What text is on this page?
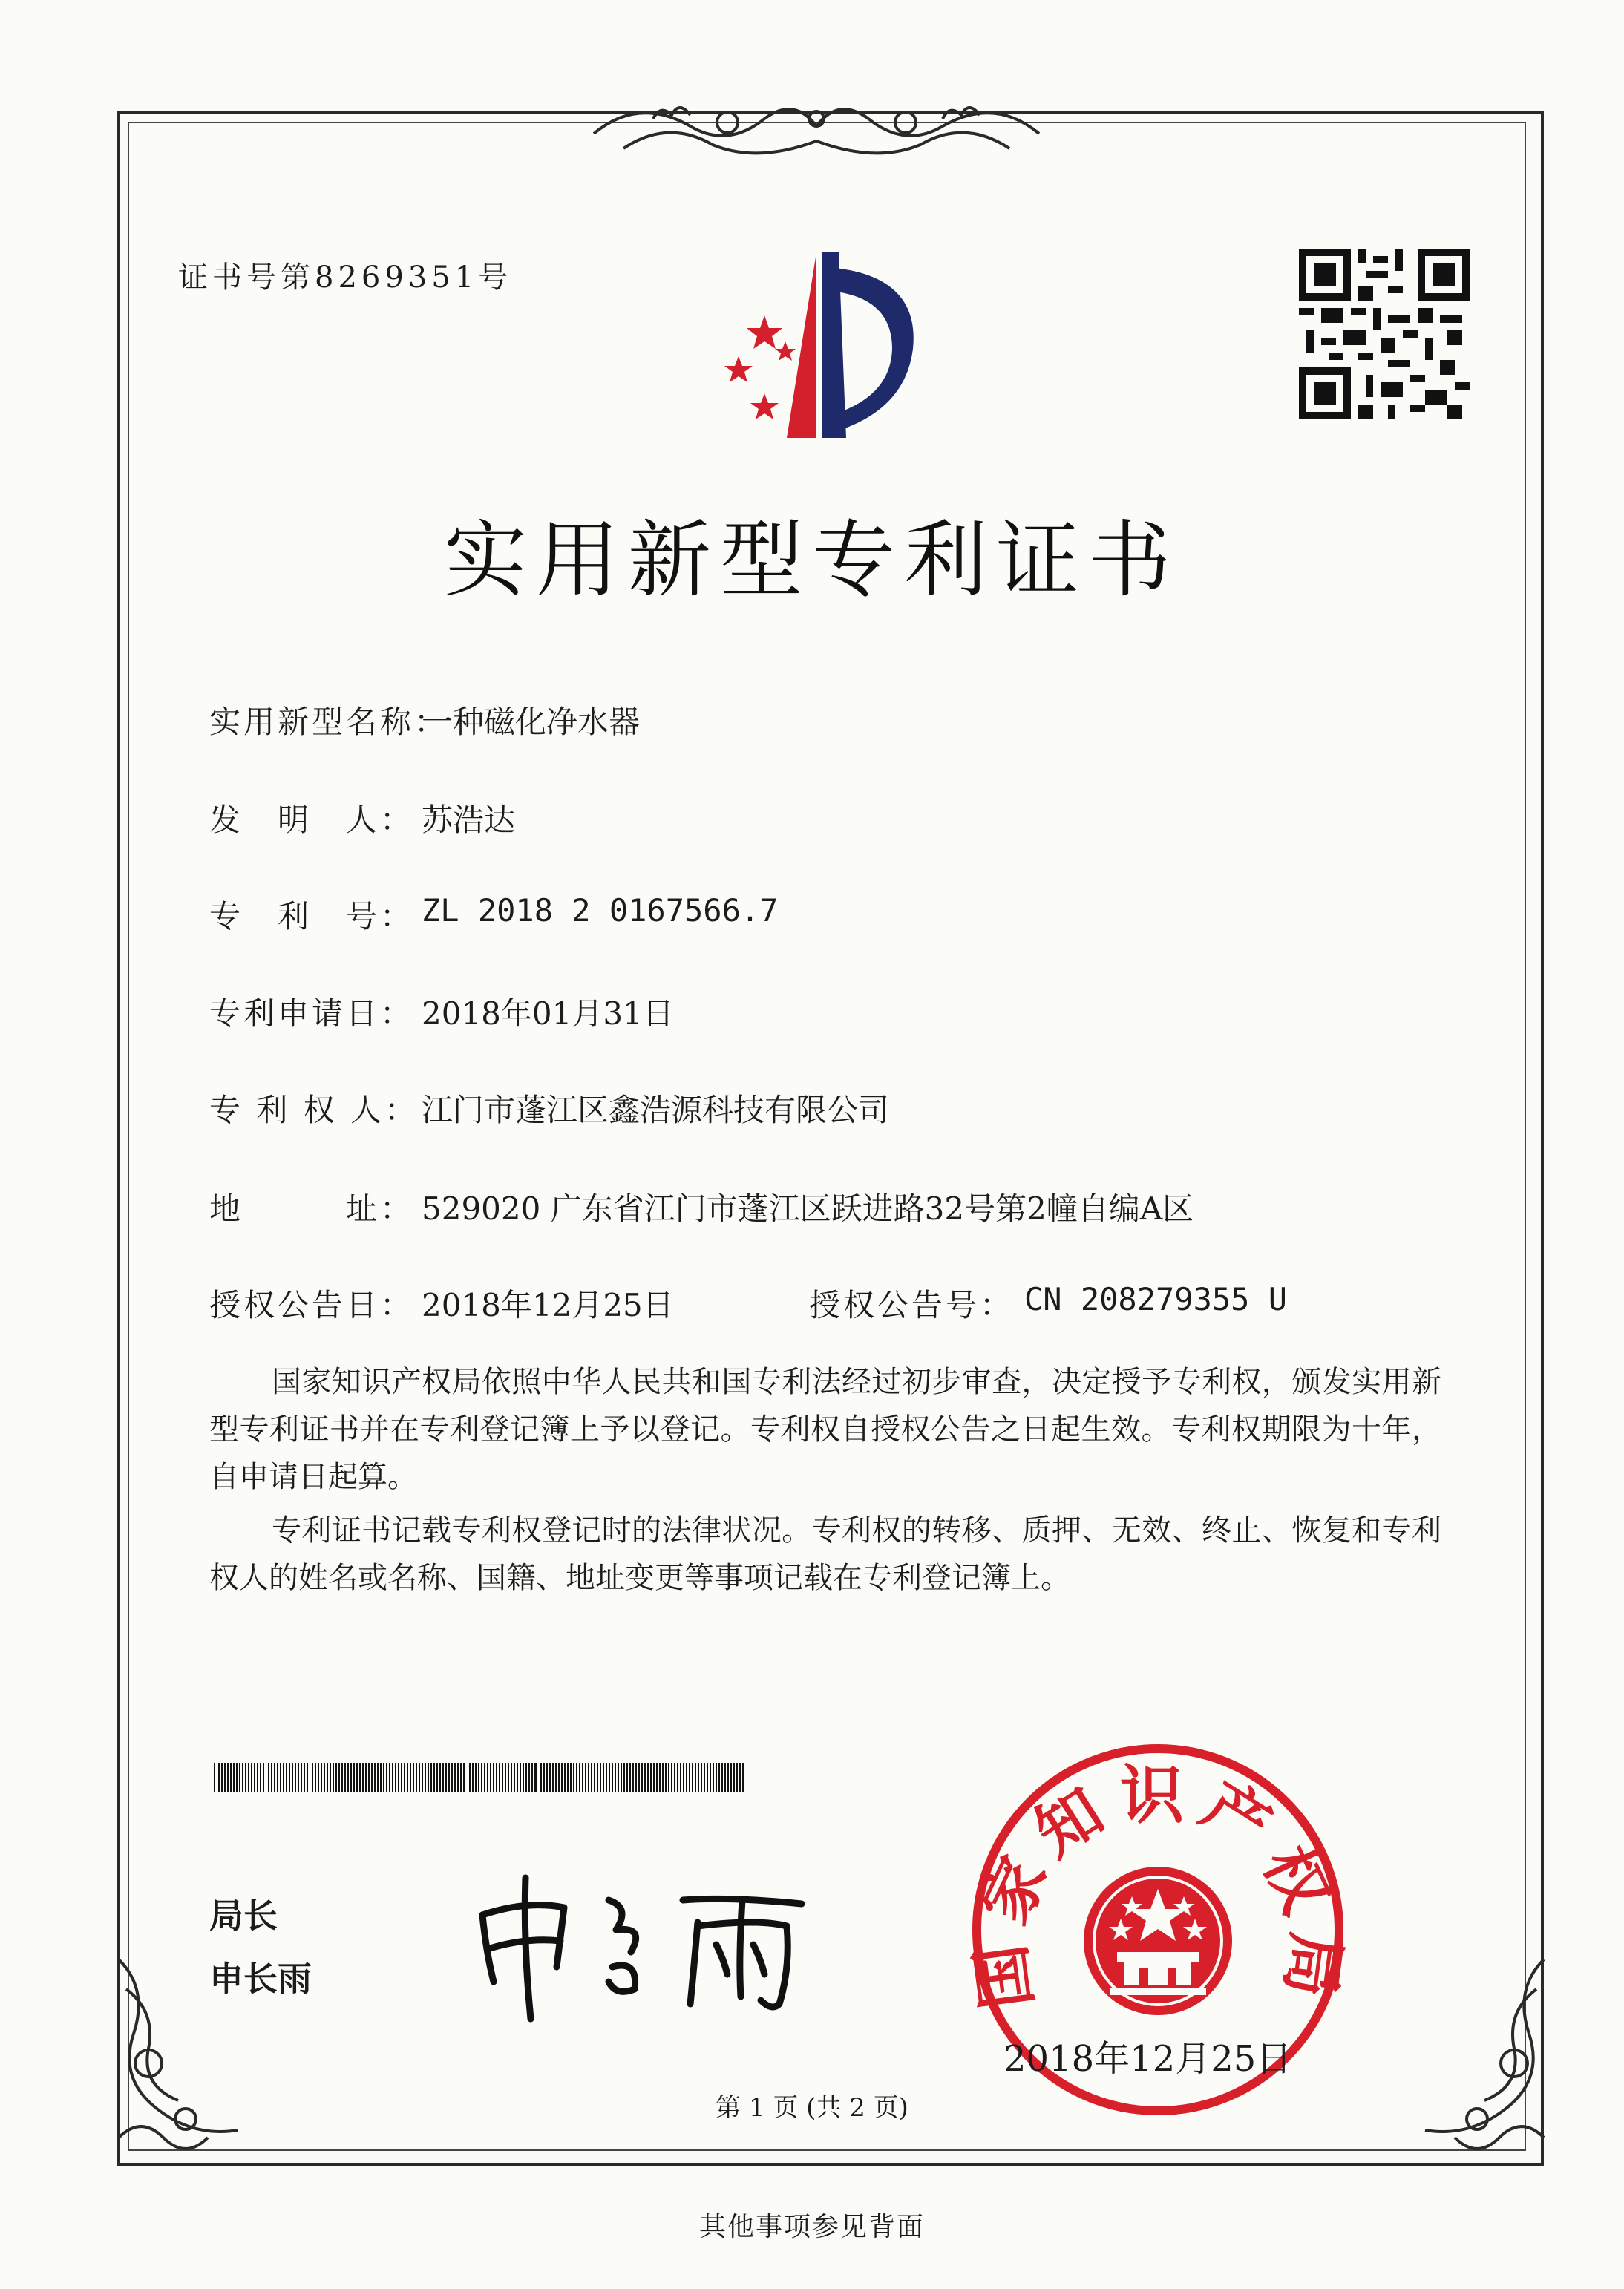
证书号第8269351号
实用新型专利证书
实用新型名称：
一种磁化净水器
发　明　人： 苏浩达
专　利　号： ZL 2018 2 0167566.7
专利申请日： 2018年01月31日
专 利 权 人： 江门市蓬江区鑫浩源科技有限公司
地　　　址： 529020 广东省江门市蓬江区跃进路32号第2幢自编A区
授权公告日： 2018年12月25日	授权公告号： CN 208279355 U

国家知识产权局依照中华人民共和国专利法经过初步审查，决定授予专利权，颁发实用新型专利证书并在专利登记簿上予以登记。专利权自授权公告之日起生效。专利权期限为十年，自申请日起算。

专利证书记载专利权登记时的法律状况。专利权的转移、质押、无效、终止、恢复和专利权人的姓名或名称、国籍、地址变更等事项记载在专利登记簿上。

局长
申长雨	国家知识产权局
2018年12月25日
第 1 页 (共 2 页)
其他事项参见背面
